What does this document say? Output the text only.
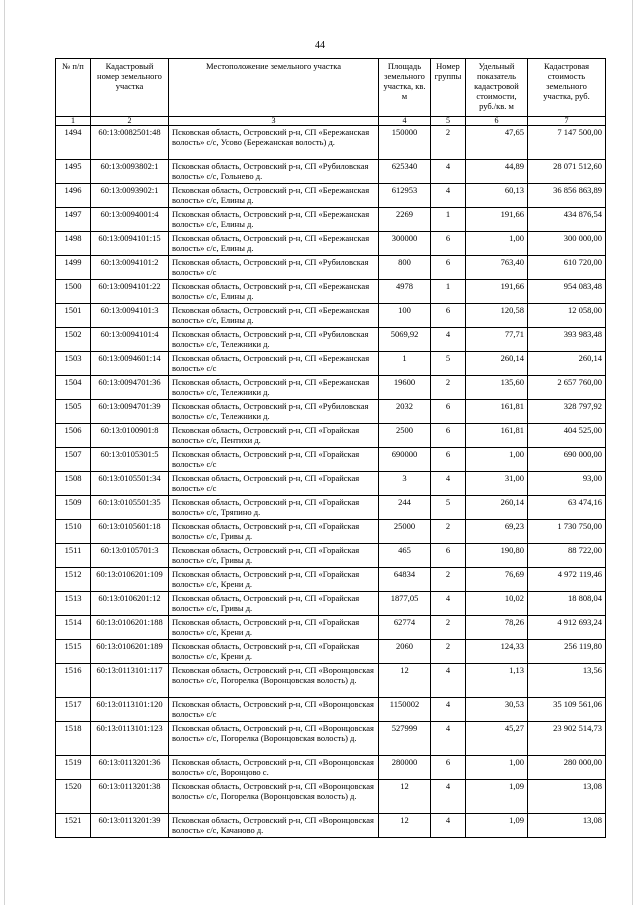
44
№ п/п	Кадастровый номер земельного участка	Местоположение земельного участка	Площадь земельного участка, кв. м	Номер группы	Удельный показатель кадастровой стоимости, руб./кв. м	Кадастровая стоимость земельного участка, руб.
1	2	3	4	5	6	7
1494	60:13:0082501:48	Псковская область, Островский р-н, СП «Бережанская волость» с/с, Усово (Бережанская волость) д.	150000	2	47,65	7 147 500,00
1495	60:13:0093802:1	Псковская область, Островский р-н, СП «Рубиловская волость» с/с, Гольнево д.	625340	4	44,89	28 071 512,60
1496	60:13:0093902:1	Псковская область, Островский р-н, СП «Бережанская волость» с/с, Елины д.	612953	4	60,13	36 856 863,89
1497	60:13:0094001:4	Псковская область, Островский р-н, СП «Бережанская волость» с/с, Елины д.	2269	1	191,66	434 876,54
1498	60:13:0094101:15	Псковская область, Островский р-н, СП «Бережанская волость» с/с, Елины д.	300000	6	1,00	300 000,00
1499	60:13:0094101:2	Псковская область, Островский р-н, СП «Рубиловская волость» с/с	800	6	763,40	610 720,00
1500	60:13:0094101:22	Псковская область, Островский р-н, СП «Бережанская волость» с/с, Елины д.	4978	1	191,66	954 083,48
1501	60:13:0094101:3	Псковская область, Островский р-н, СП «Бережанская волость» с/с, Елины д.	100	6	120,58	12 058,00
1502	60:13:0094101:4	Псковская область, Островский р-н, СП «Рубиловская волость» с/с, Тележники д.	5069,92	4	77,71	393 983,48
1503	60:13:0094601:14	Псковская область, Островский р-н, СП «Бережанская волость» с/с	1	5	260,14	260,14
1504	60:13:0094701:36	Псковская область, Островский р-н, СП «Бережанская волость» с/с, Тележники д.	19600	2	135,60	2 657 760,00
1505	60:13:0094701:39	Псковская область, Островский р-н, СП «Рубиловская волость» с/с, Тележники д.	2032	6	161,81	328 797,92
1506	60:13:0100901:8	Псковская область, Островский р-н, СП «Горайская волость» с/с, Пентихи д.	2500	6	161,81	404 525,00
1507	60:13:0105301:5	Псковская область, Островский р-н, СП «Горайская волость» с/с	690000	6	1,00	690 000,00
1508	60:13:0105501:34	Псковская область, Островский р-н, СП «Горайская волость» с/с	3	4	31,00	93,00
1509	60:13:0105501:35	Псковская область, Островский р-н, СП «Горайская волость» с/с, Тряпино д.	244	5	260,14	63 474,16
1510	60:13:0105601:18	Псковская область, Островский р-н, СП «Горайская волость» с/с, Гривы д.	25000	2	69,23	1 730 750,00
1511	60:13:0105701:3	Псковская область, Островский р-н, СП «Горайская волость» с/с, Гривы д.	465	6	190,80	88 722,00
1512	60:13:0106201:109	Псковская область, Островский р-н, СП «Горайская волость» с/с, Крени д.	64834	2	76,69	4 972 119,46
1513	60:13:0106201:12	Псковская область, Островский р-н, СП «Горайская волость» с/с, Гривы д.	1877,05	4	10,02	18 808,04
1514	60:13:0106201:188	Псковская область, Островский р-н, СП «Горайская волость» с/с, Крени д.	62774	2	78,26	4 912 693,24
1515	60:13:0106201:189	Псковская область, Островский р-н, СП «Горайская волость» с/с, Крени д.	2060	2	124,33	256 119,80
1516	60:13:0113101:117	Псковская область, Островский р-н, СП «Воронцовская волость» с/с, Погорелка (Воронцовская волость) д.	12	4	1,13	13,56
1517	60:13:0113101:120	Псковская область, Островский р-н, СП «Воронцовская волость» с/с	1150002	4	30,53	35 109 561,06
1518	60:13:0113101:123	Псковская область, Островский р-н, СП «Воронцовская волость» с/с, Погорелка (Воронцовская волость) д.	527999	4	45,27	23 902 514,73
1519	60:13:0113201:36	Псковская область, Островский р-н, СП «Воронцовская волость» с/с, Воронцово с.	280000	6	1,00	280 000,00
1520	60:13:0113201:38	Псковская область, Островский р-н, СП «Воронцовская волость» с/с, Погорелка (Воронцовская волость) д.	12	4	1,09	13,08
1521	60:13:0113201:39	Псковская область, Островский р-н, СП «Воронцовская волость» с/с, Качаново д.	12	4	1,09	13,08
